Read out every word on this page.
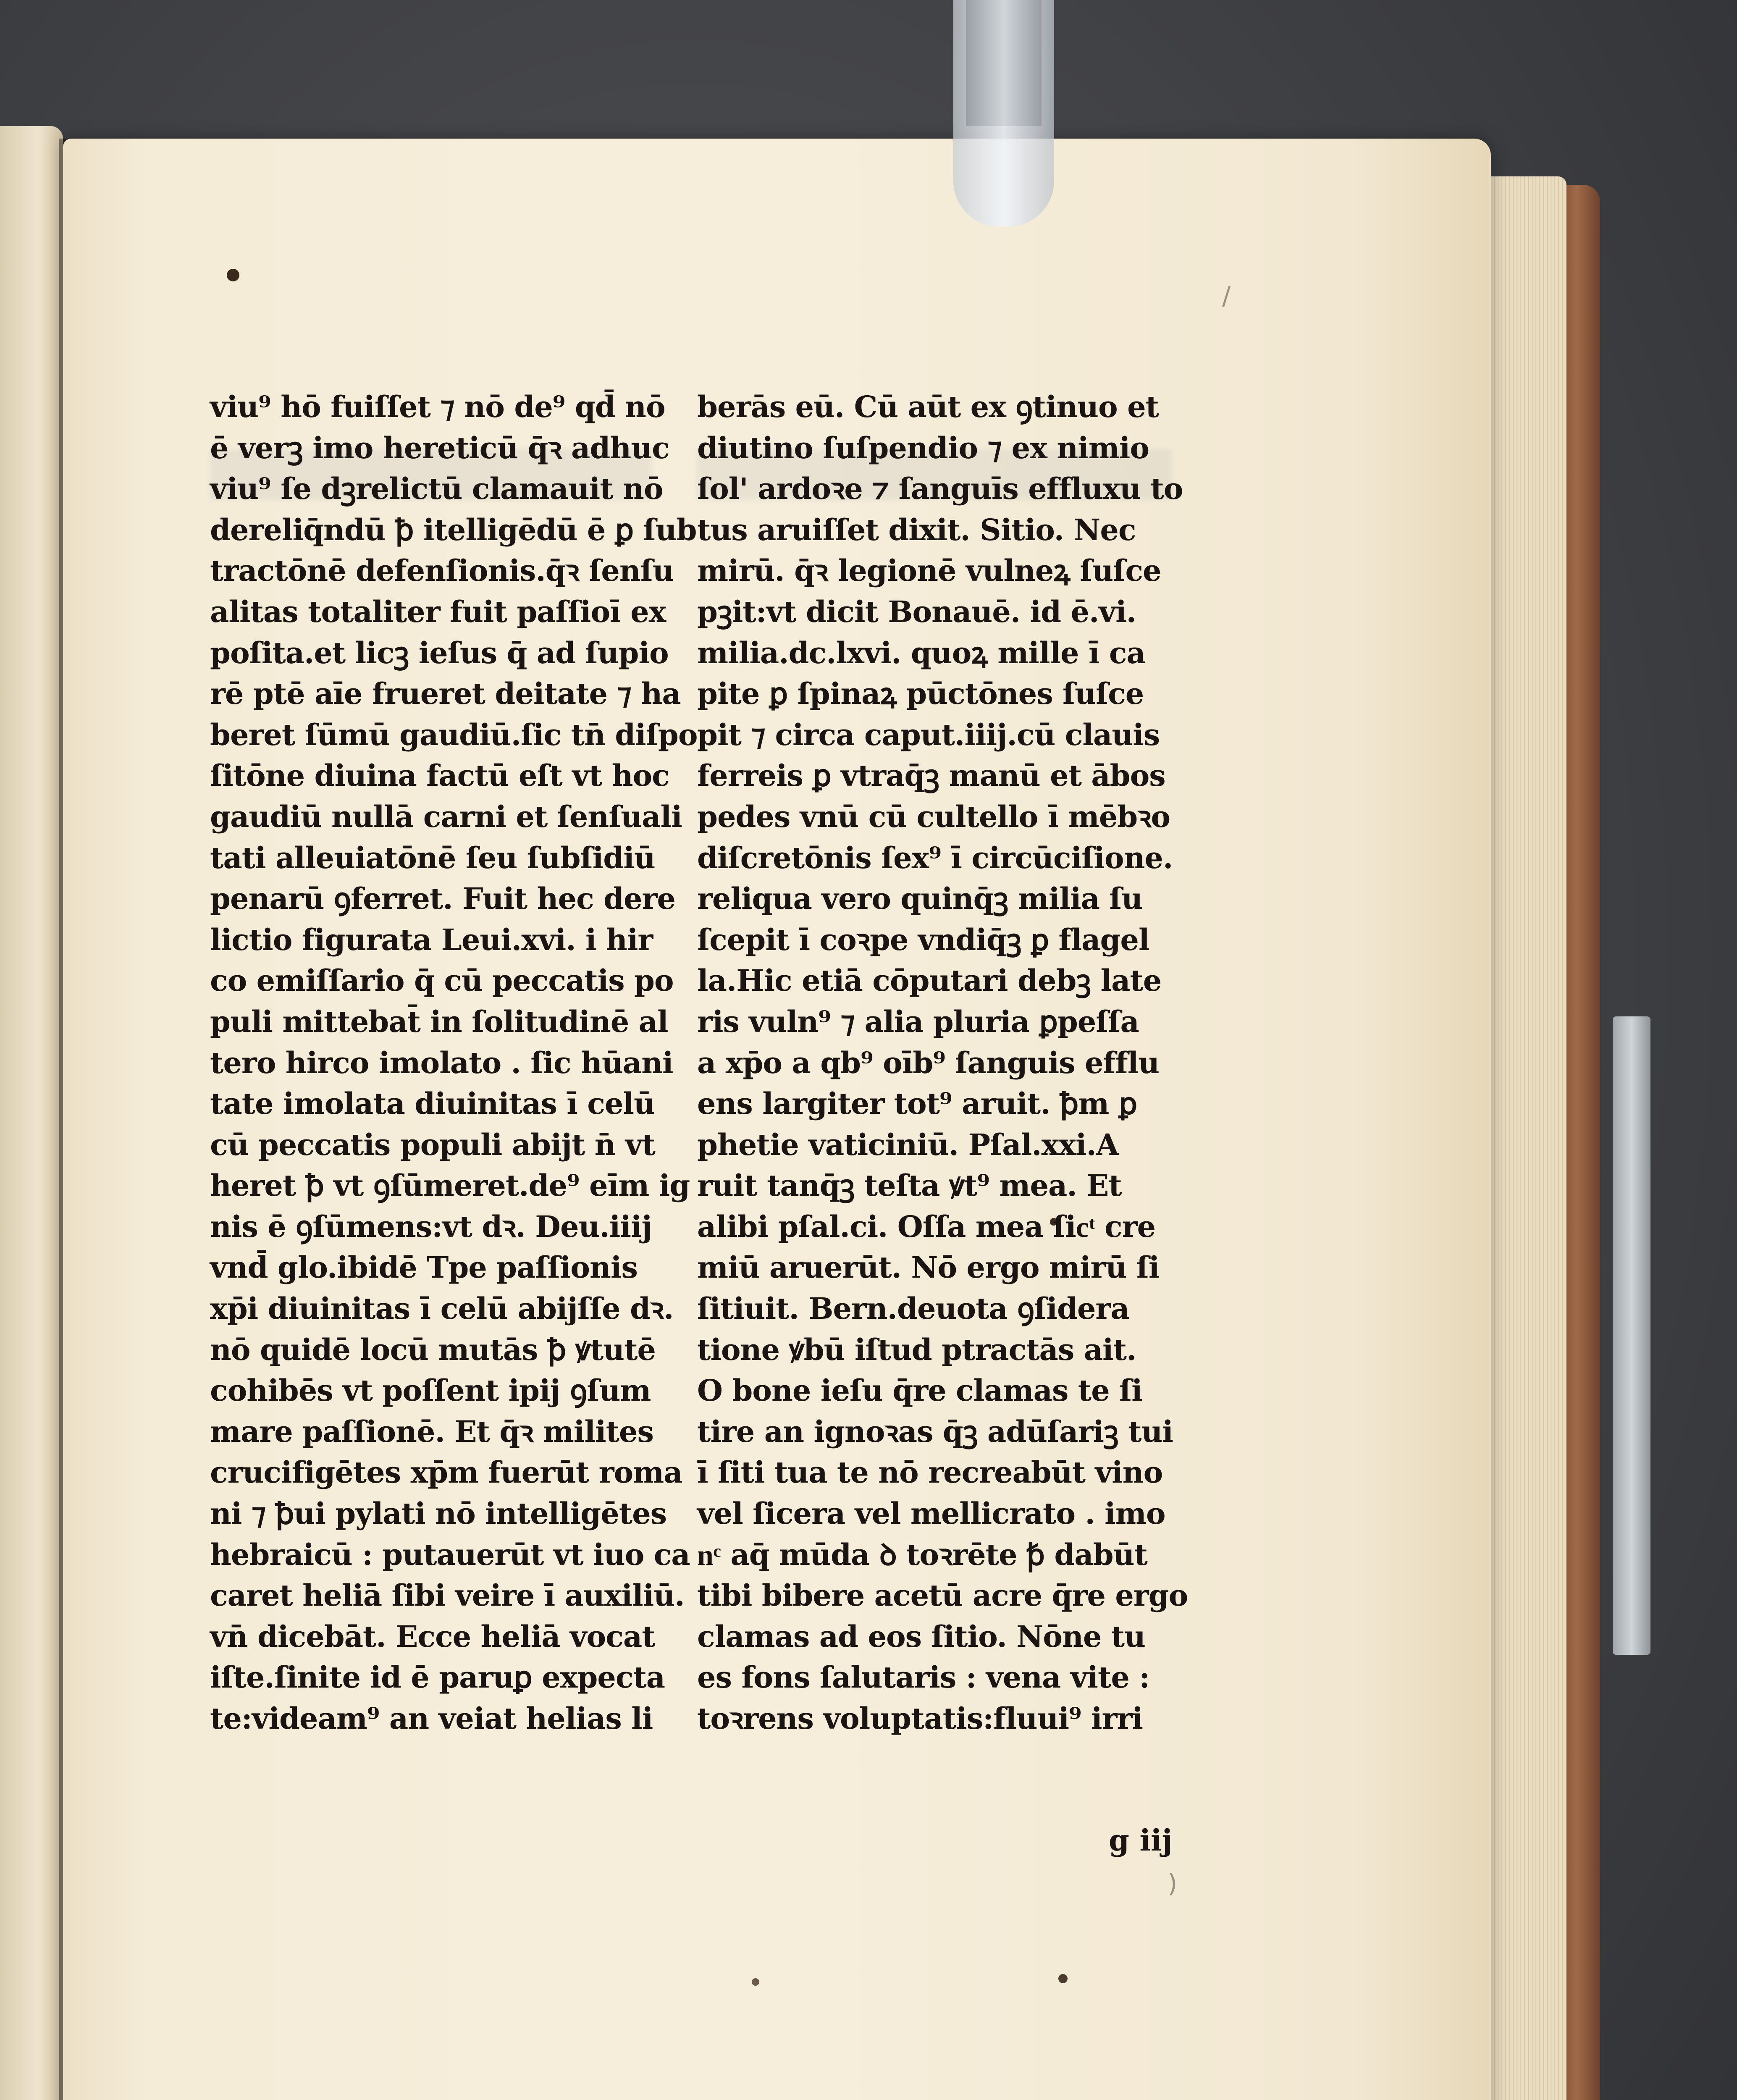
/
)
viu⁹ hō fuiſſet ⁊ nō de⁹ qd̄ nō
ē verꝫ imo hereticū q̄ꝛ adhuc
viu⁹ ſe dꝫrelictū clamauit nō
dereliq̄ndū ꝥ itelligēdū ē ꝑ ſub
tractōnē defenſionis.q̄ꝛ ſenſu
alitas totaliter fuit paſſioī ex
poſita.et licꝫ ieſus q̄ ad ſupio
rē ptē aīe frueret deitate ⁊ ha
beret ſūmū gaudiū.ſic tn̄ diſpo
ſitōne diuina factū eſt vt hoc
gaudiū nullā carni et ſenſuali
tati alleuiatōnē ſeu ſubſidiū
penarū ꝯferret. Fuit hec dere
lictio figurata Leui.xvi. i hir
co emiſſario q̄ cū peccatis po
puli mittebat̄ in ſolitudinē al
tero hirco imolato . ſic hūani
tate imolata diuinitas ī celū
cū peccatis populi abijt n̄ vt
heret ꝥ vt ꝯſūmeret.de⁹ eīm ig
nis ē ꝯſūmens:vt dꝛ. Deu.iiij
vnd̄ glo.ibidē Tpe paſſionis
xp̄i diuinitas ī celū abijſſe dꝛ.
nō quidē locū mutās ꝥ ꝟtutē
cohibēs vt poſſent ipij ꝯſum
mare paſſionē. Et q̄ꝛ milites
crucifigētes xp̄m fuerūt roma
ni ⁊ ꝥui pylati nō intelligētes
hebraicū : putauerūt vt iuo ca
caret heliā ſibi veire ī auxiliū.
vn̄ dicebāt. Ecce heliā vocat
iſte.ſinite id ē paruꝑ expecta
te:videam⁹ an veiat helias li
berās eū. Cū aūt ex ꝯtinuo et
diutino ſuſpendio ⁊ ex nimio
ſol' ardoꝛe ⁊ ſanguīs effluxu to
tus aruiſſet dixit. Sitio. Nec
mirū. q̄ꝛ legionē vulneꝝ ſuſce
pꝫit:vt dicit Bonauē. id ē.vi.
milia.dc.lxvi. quoꝝ mille ī ca
pite ꝑ ſpinaꝝ pūctōnes ſuſce
pit ⁊ circa caput.iiij.cū clauis
ferreis ꝑ vtraq̄ꝫ manū et ābos
pedes vnū cū cultello ī mēbꝛo
diſcretōnis ſex⁹ ī circūciſione.
reliqua vero quinq̄ꝫ milia ſu
ſcepit ī coꝛpe vndiq̄ꝫ ꝑ flagel
la.Hic etiā cōputari debꝫ late
ris vuln⁹ ⁊ alia pluria ꝑpeſſa
a xp̄o a qb⁹ oīb⁹ ſanguis efflu
ens largiter tot⁹ aruit. ꝥm ꝑ
phetie vaticiniū. Pſal.xxi.A
ruit tanq̄ꝫ teſta ꝟt⁹ mea. Et
alibi pſal.ci. Oſſa mea ſicͭ cre
miū aruerūt. Nō ergo mirū ſi
ſitiuit. Bern.deuota ꝯſidera
tione ꝟbū iſtud ptractās ait.
O bone ieſu q̄re clamas te ſi
tire an ignoꝛas q̄ꝫ adūſariꝫ tui
ī ſiti tua te nō recreabūt vino
vel ſicera vel mellicrato . imo
nͨ aq̄ mūda ꝺ toꝛrēte ꝥ dabūt
tibi bibere acetū acre q̄re ergo
clamas ad eos ſitio. Nōne tu
es fons ſalutaris : vena vite :
toꝛrens voluptatis:fluui⁹ irri
g iij
